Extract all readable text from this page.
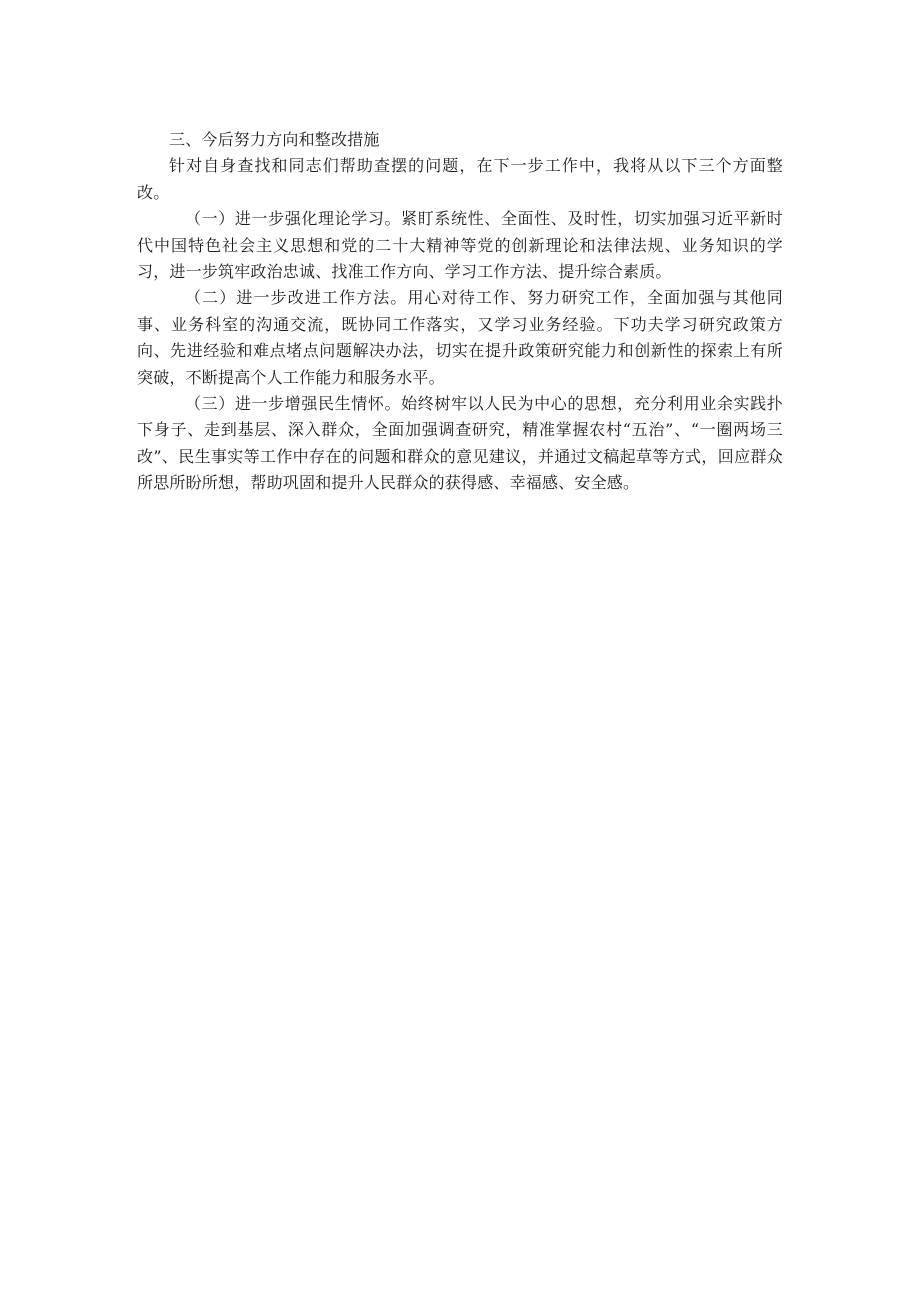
三、今后努力方向和整改措施

针对自身查找和同志们帮助查摆的问题，在下一步工作中，我将从以下三个方面整改。

（一）进一步强化理论学习。紧盯系统性、全面性、及时性，切实加强习近平新时代中国特色社会主义思想和党的二十大精神等党的创新理论和法律法规、业务知识的学习，进一步筑牢政治忠诚、找准工作方向、学习工作方法、提升综合素质。

（二）进一步改进工作方法。用心对待工作、努力研究工作，全面加强与其他同事、业务科室的沟通交流，既协同工作落实，又学习业务经验。下功夫学习研究政策方向、先进经验和难点堵点问题解决办法，切实在提升政策研究能力和创新性的探索上有所突破，不断提高个人工作能力和服务水平。

（三）进一步增强民生情怀。始终树牢以人民为中心的思想，充分利用业余实践扑下身子、走到基层、深入群众，全面加强调查研究，精准掌握农村“五治”、“一圈两场三改”、民生事实等工作中存在的问题和群众的意见建议，并通过文稿起草等方式，回应群众所思所盼所想，帮助巩固和提升人民群众的获得感、幸福感、安全感。
